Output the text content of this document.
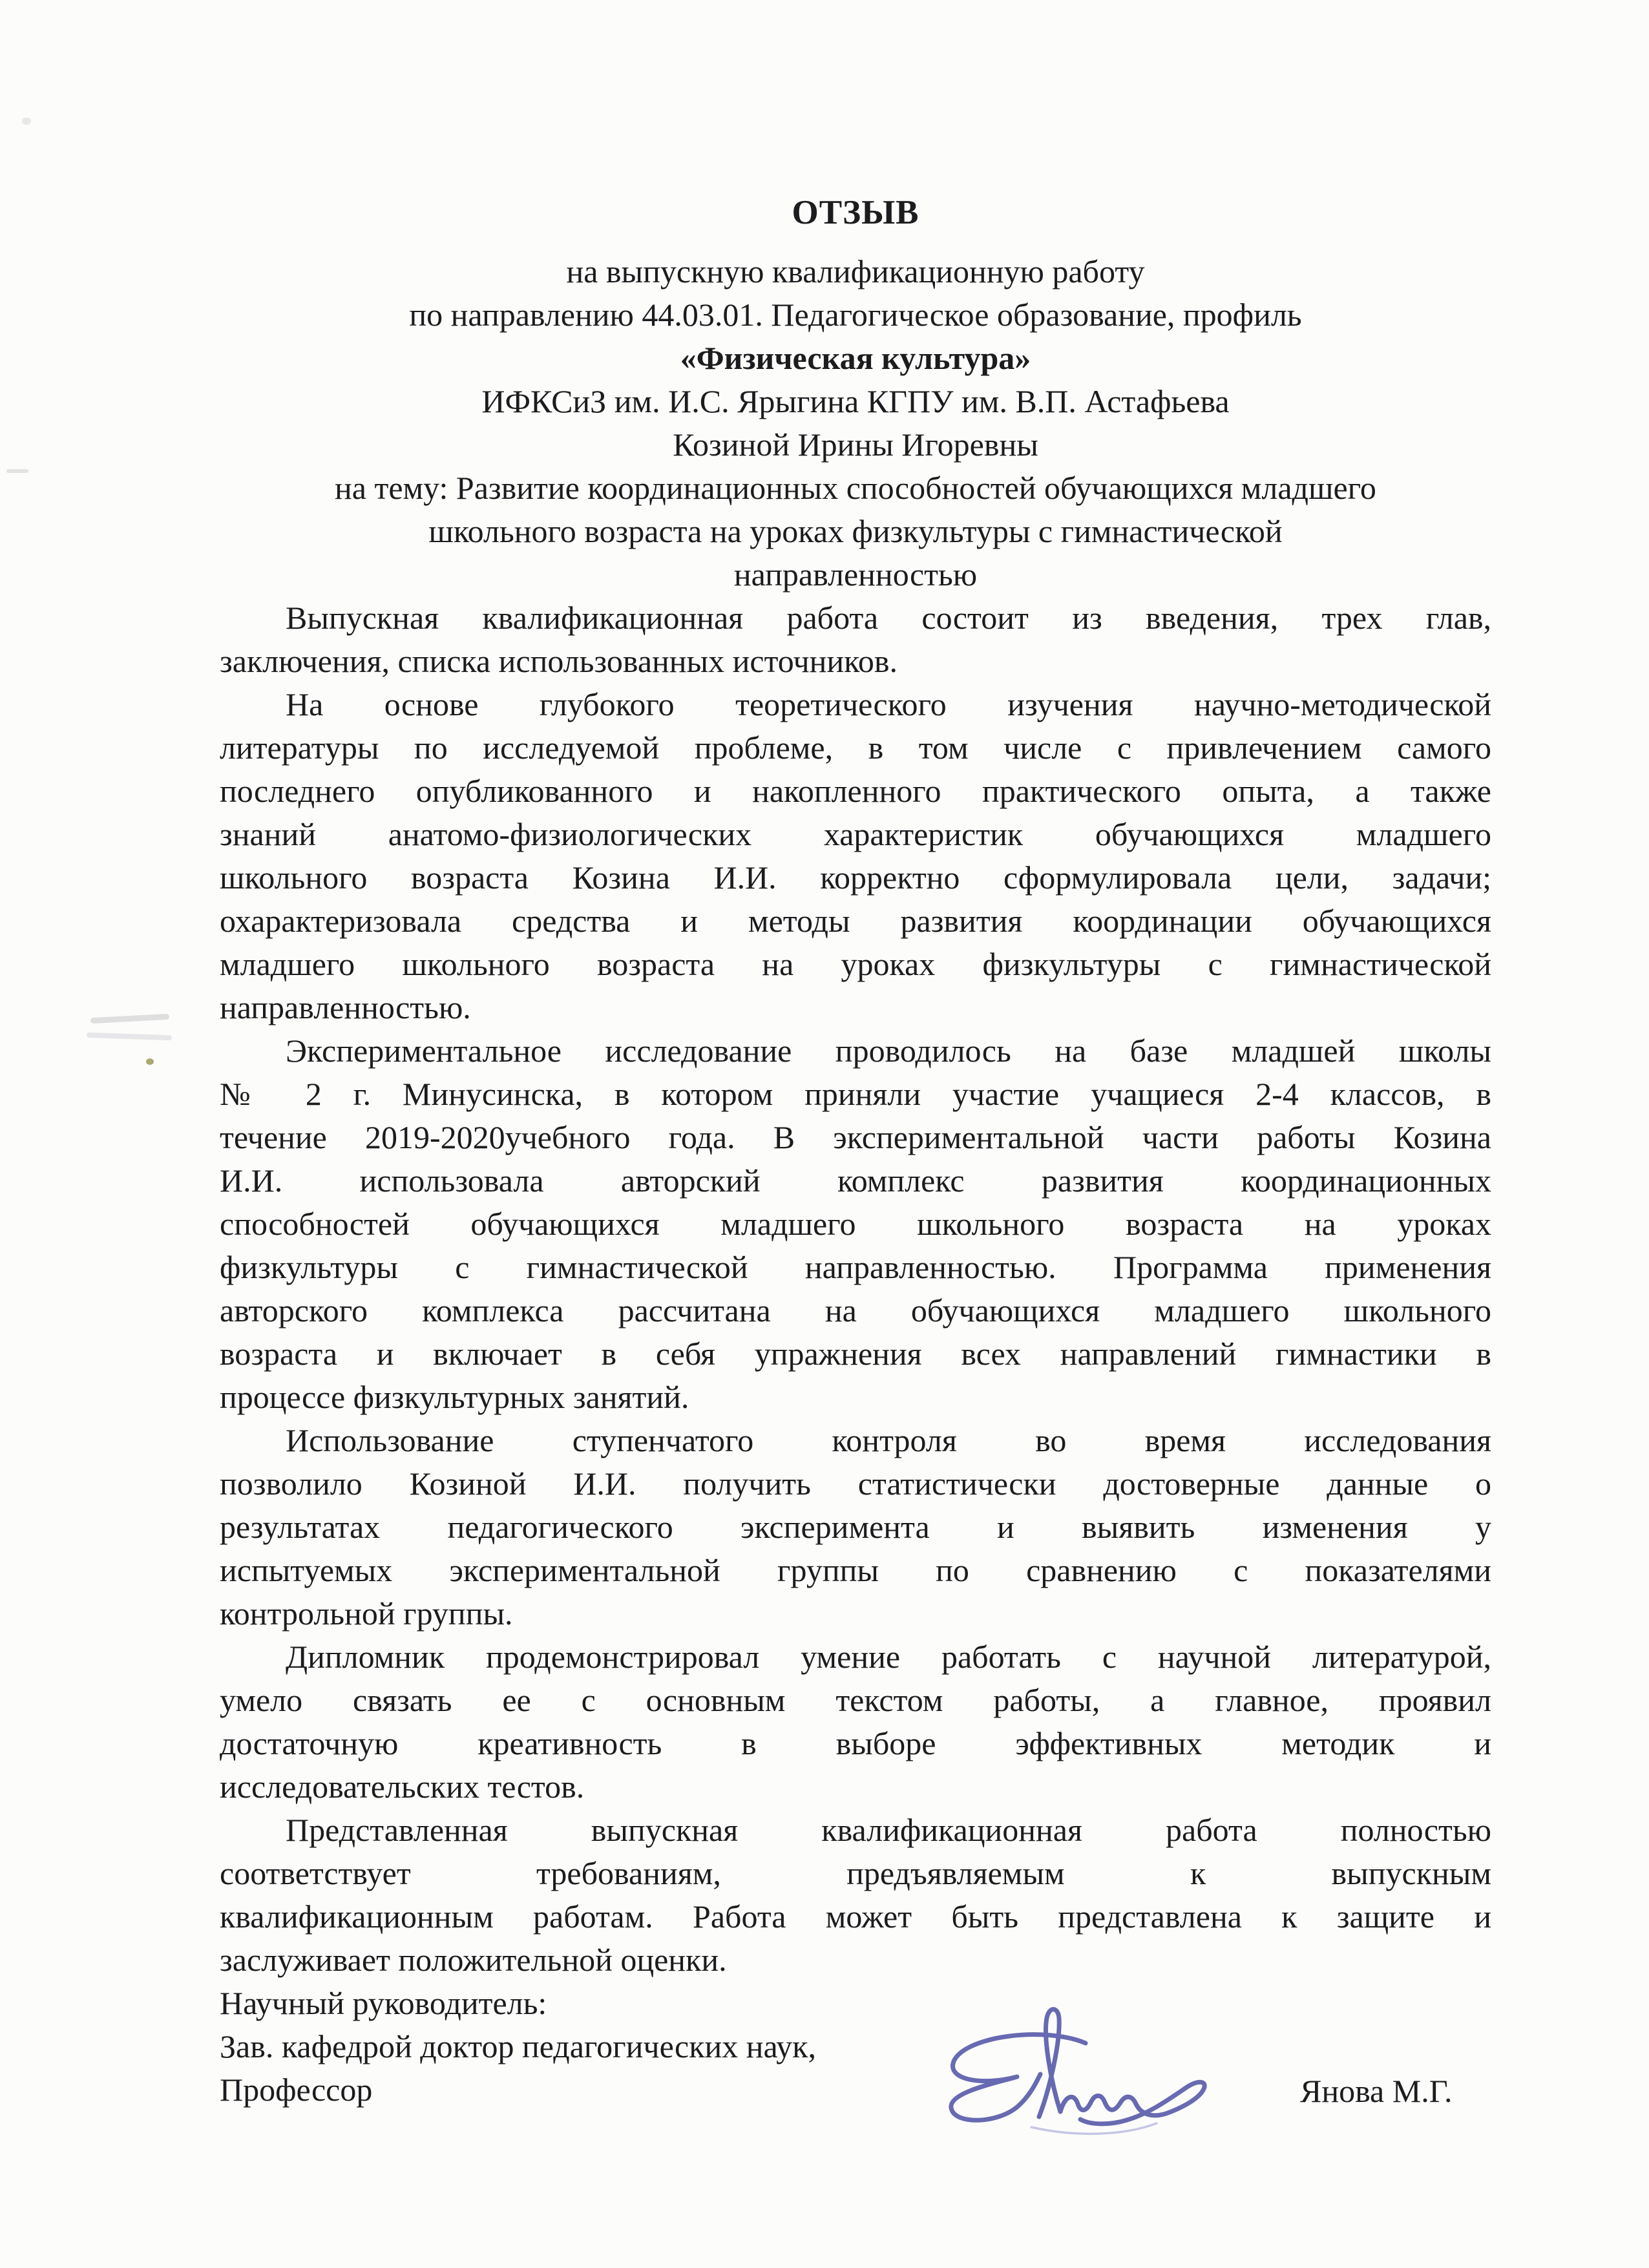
ОТЗЫВ
на выпускную квалификационную работу
по направлению 44.03.01. Педагогическое образование, профиль
«Физическая культура»
ИФКСиЗ им. И.С. Ярыгина КГПУ им. В.П. Астафьева
Козиной Ирины Игоревны
на тему: Развитие координационных способностей обучающихся младшего
школьного возраста на уроках физкультуры с гимнастической
направленностью
Выпускная квалификационная работа состоит из введения, трех глав,
заключения, списка использованных источников.
На основе глубокого теоретического изучения научно-методической
литературы по исследуемой проблеме, в том числе с привлечением самого
последнего опубликованного и накопленного практического опыта, а также
знаний анатомо-физиологических характеристик обучающихся младшего
школьного возраста Козина И.И. корректно сформулировала цели, задачи;
охарактеризовала средства и методы развития координации обучающихся
младшего школьного возраста на уроках физкультуры с гимнастической
направленностью.
Экспериментальное исследование проводилось на базе младшей школы
№ 2 г. Минусинска, в котором приняли участие учащиеся 2-4 классов, в
течение 2019-2020учебного года. В экспериментальной части работы Козина
И.И. использовала авторский комплекс развития координационных
способностей обучающихся младшего школьного возраста на уроках
физкультуры с гимнастической направленностью. Программа применения
авторского комплекса рассчитана на обучающихся младшего школьного
возраста и включает в себя упражнения всех направлений гимнастики в
процессе физкультурных занятий.
Использование ступенчатого контроля во время исследования
позволило Козиной И.И. получить статистически достоверные данные о
результатах педагогического эксперимента и выявить изменения у
испытуемых экспериментальной группы по сравнению с показателями
контрольной группы.
Дипломник продемонстрировал умение работать с научной литературой,
умело связать ее с основным текстом работы, а главное, проявил
достаточную креативность в выборе эффективных методик и
исследовательских тестов.
Представленная выпускная квалификационная работа полностью
соответствует требованиям, предъявляемым к выпускным
квалификационным работам. Работа может быть представлена к защите и
заслуживает положительной оценки.
Научный руководитель:
Зав. кафедрой доктор педагогических наук,
Профессор	Янова М.Г.
